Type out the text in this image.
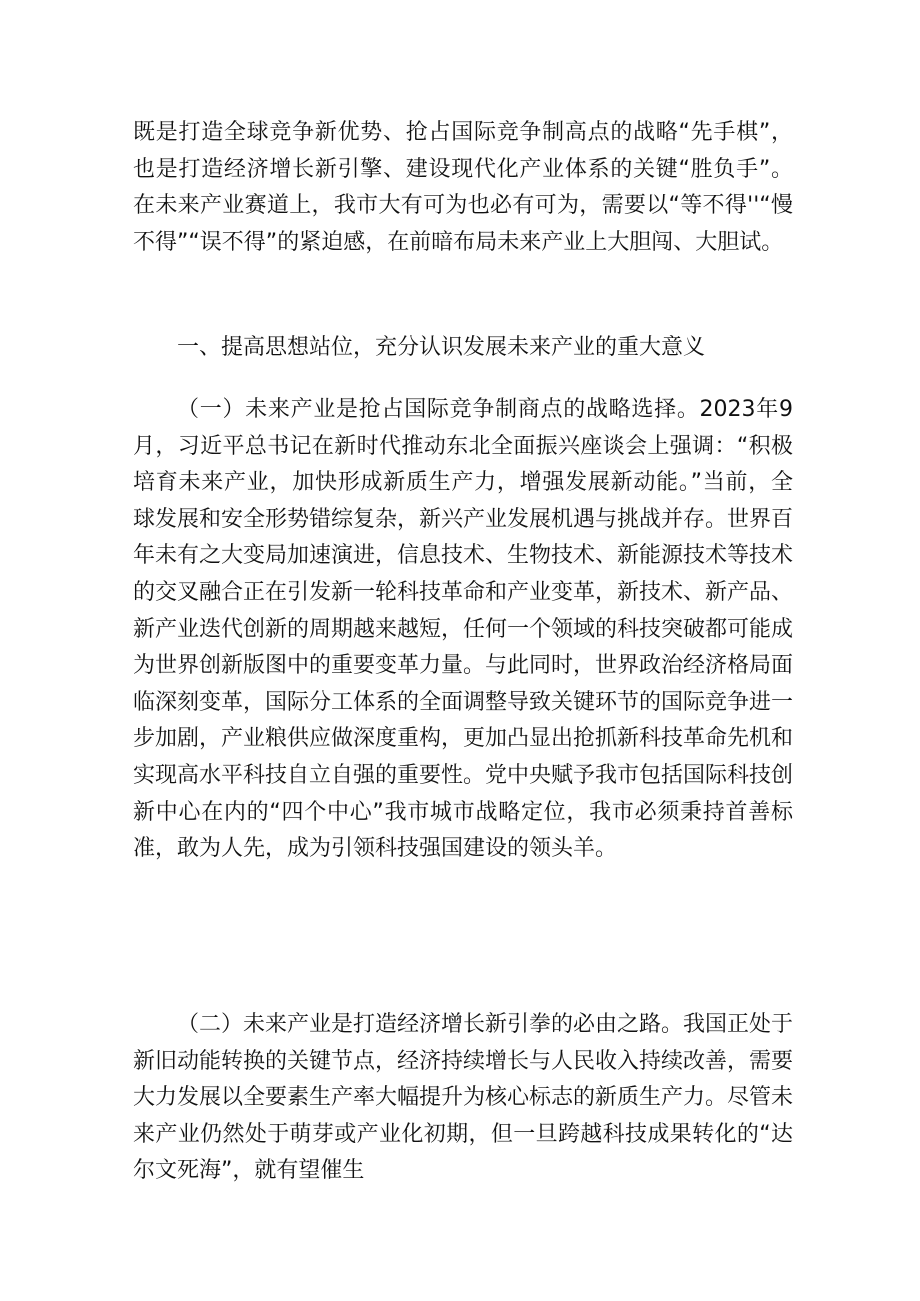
既是打造全球竞争新优势、抢占国际竞争制高点的战略“先手棋”，也是打造经济增长新引擎、建设现代化产业体系的关键“胜负手”。在未来产业赛道上，我市大有可为也必有可为，需要以“等不得''“慢不得”“误不得”的紧迫感，在前暗布局未来产业上大胆闯、大胆试。

一、提高思想站位，充分认识发展未来产业的重大意义

（一）未来产业是抢占国际竞争制商点的战略选择。2023年9月，习近平总书记在新时代推动东北全面振兴座谈会上强调：“积极培育未来产业，加快形成新质生产力，增强发展新动能。”当前，全球发展和安全形势错综复杂，新兴产业发展机遇与挑战并存。世界百年未有之大变局加速演进，信息技术、生物技术、新能源技术等技术的交叉融合正在引发新一轮科技革命和产业变革，新技术、新产品、新产业迭代创新的周期越来越短，任何一个领域的科技突破都可能成为世界创新版图中的重要变革力量。与此同时，世界政治经济格局面临深刻变革，国际分工体系的全面调整导致关键环节的国际竞争进一步加剧，产业粮供应做深度重构，更加凸显出抢抓新科技革命先机和实现高水平科技自立自强的重要性。党中央赋予我市包括国际科技创新中心在内的“四个中心”我市城市战略定位，我市必须秉持首善标准，敢为人先，成为引领科技强国建设的领头羊。

（二）未来产业是打造经济增长新引拳的必由之路。我国正处于新旧动能转换的关键节点，经济持续增长与人民收入持续改善，需要大力发展以全要素生产率大幅提升为核心标志的新质生产力。尽管未来产业仍然处于萌芽或产业化初期，但一旦跨越科技成果转化的“达尔文死海”，就有望催生
